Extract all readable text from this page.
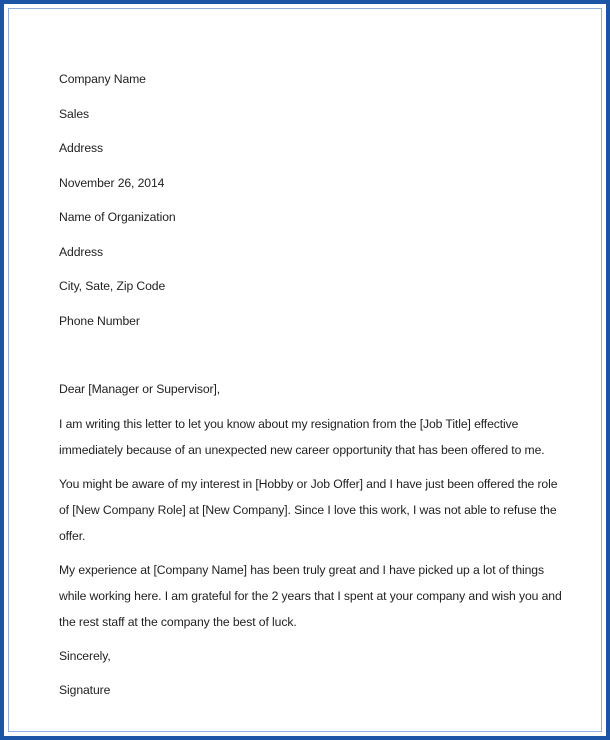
Company Name
Sales
Address
November 26, 2014
Name of Organization
Address
City, Sate, Zip Code
Phone Number
Dear [Manager or Supervisor],
I am writing this letter to let you know about my resignation from the [Job Title] effective immediately because of an unexpected new career opportunity that has been offered to me.
You might be aware of my interest in [Hobby or Job Offer] and I have just been offered the role of [New Company Role] at [New Company]. Since I love this work, I was not able to refuse the offer.
My experience at [Company Name] has been truly great and I have picked up a lot of things while working here. I am grateful for the 2 years that I spent at your company and wish you and the rest staff at the company the best of luck.
Sincerely,
Signature
